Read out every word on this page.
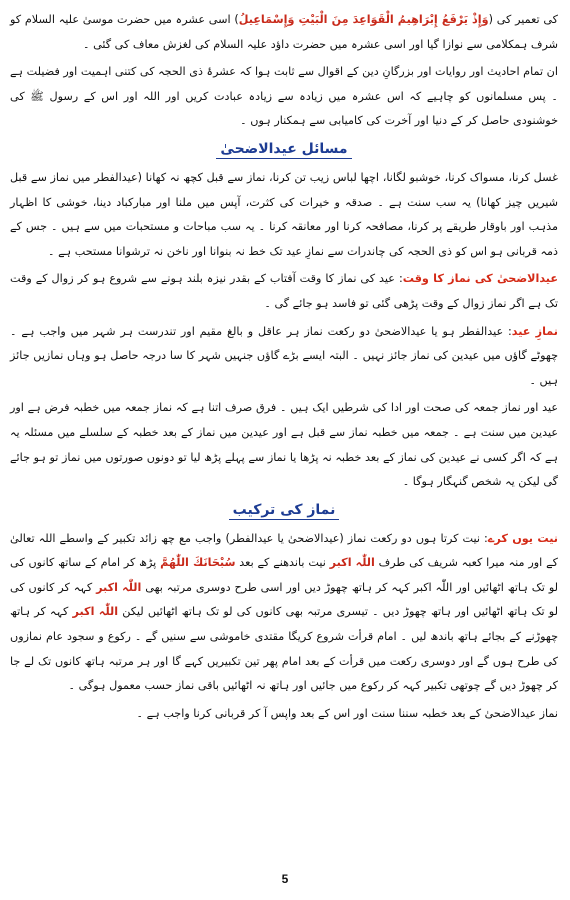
کی تعمیر کی (وَإِذْ يَرْفَعُ إِبْرَاهِيمُ الْقَوَاعِدَ مِنَ الْبَيْتِ وَإِسْمَاعِيلُ) اسی عشرہ میں حضرت موسیٰ علیہ السلام کو شرف ہمکلامی سے نوازا گیا اور اسی عشرہ میں حضرت داؤد علیہ السلام کی لغزش معاف کی گئی ۔

ان تمام احادیث اور روایات اور بزرگانِ دین کے اقوال سے ثابت ہوا کہ عشرۂ ذی الحجہ کی کتنی اہمیت اور فضیلت ہے ۔ پس مسلمانوں کو چاہیے کہ اس عشرہ میں زیادہ سے زیادہ عبادت کریں اور اللہ اور اس کے رسول ﷺ کی خوشنودی حاصل کر کے دنیا اور آخرت کی کامیابی سے ہمکنار ہوں ۔

مسائل عیدالاضحیٰ

غسل کرنا، مسواک کرنا، خوشبو لگانا، اچھا لباس زیب تن کرنا، نماز سے قبل کچھ نہ کھانا (عیدالفطر میں نماز سے قبل شیریں چیز کھانا) یہ سب سنت ہے ۔ صدقہ و خیرات کی کثرت، آپس میں ملنا اور مبارکباد دینا، خوشی کا اظہار مذہب اور باوقار طریقے پر کرنا، مصافحہ کرنا اور معانقہ کرنا ۔ یہ سب مباحات و مستحبات میں سے ہیں ۔ جس کے ذمہ قربانی ہو اس کو ذی الحجہ کی چاندرات سے نمازِ عید تک خط نہ بنوانا اور ناخن نہ ترشوانا مستحب ہے ۔

عیدالاضحیٰ کی نماز کا وقت: عید کی نماز کا وقت آفتاب کے بقدر نیزہ بلند ہونے سے شروع ہو کر زوال کے وقت تک ہے اگر نماز زوال کے وقت پڑھی گئی تو فاسد ہو جائے گی ۔

نمازِ عید: عیدالفطر ہو یا عیدالاضحیٰ دو رکعت نماز ہر عاقل و بالغ مقیم اور تندرست ہر شہر میں واجب ہے ۔ چھوٹے گاؤں میں عیدین کی نماز جائز نہیں ۔ البتہ ایسے بڑے گاؤں جنہیں شہر کا سا درجہ حاصل ہو وہاں نمازیں جائز ہیں ۔

عید اور نماز جمعہ کی صحت اور ادا کی شرطیں ایک ہیں ۔ فرق صرف اتنا ہے کہ نماز جمعہ میں خطبہ فرض ہے اور عیدین میں سنت ہے ۔ جمعہ میں خطبہ نماز سے قبل ہے اور عیدین میں نماز کے بعد خطبہ کے سلسلے میں مسئلہ یہ ہے کہ اگر کسی نے عیدین کی نماز کے بعد خطبہ نہ پڑھا یا نماز سے پہلے پڑھ لیا تو دونوں صورتوں میں نماز تو ہو جائے گی لیکن یہ شخص گنہگار ہوگا ۔

نماز کی ترکیب

نیت یوں کرے: نیت کرتا ہوں دو رکعت نماز (عیدالاضحیٰ یا عیدالفطر) واجب مع چھ زائد تکبیر کے واسطے اللہ تعالیٰ کے اور منہ میرا کعبہ شریف کی طرف اللّٰہ اکبر نیت باندھنے کے بعد سُبْحَانَكَ اللّٰهُمَّ پڑھ کر امام کے ساتھ کانوں کی لو تک ہاتھ اٹھائیں اور اللّٰہ اکبر کہہ کر ہاتھ چھوڑ دیں اور اسی طرح دوسری مرتبہ بھی اللّٰہ اکبر کہہ کر کانوں کی لو تک ہاتھ اٹھائیں اور ہاتھ چھوڑ دیں ۔ تیسری مرتبہ بھی کانوں کی لو تک ہاتھ اٹھائیں لیکن اللّٰہ اکبر کہہ کر ہاتھ چھوڑنے کے بجائے ہاتھ باندھ لیں ۔ امام قرأت شروع کریگا مقتدی خاموشی سے سنیں گے ۔ رکوع و سجود عام نمازوں کی طرح ہوں گے اور دوسری رکعت میں قرأت کے بعد امام پھر تین تکبیریں کہے گا اور ہر مرتبہ ہاتھ کانوں تک لے جا کر چھوڑ دیں گے چوتھی تکبیر کہہ کر رکوع میں جائیں اور ہاتھ نہ اٹھائیں باقی نماز حسب معمول ہوگی ۔

نماز عیدالاضحیٰ کے بعد خطبہ سننا سنت اور اس کے بعد واپس آ کر قربانی کرنا واجب ہے ۔

5
